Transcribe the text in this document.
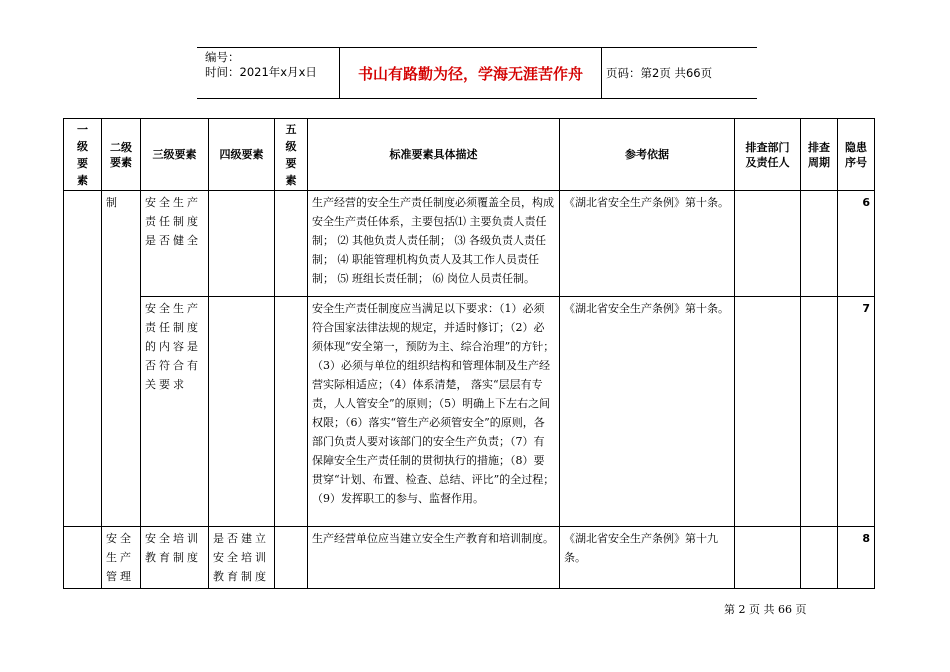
编号：
时间：2021年x月x日	书山有路勤为径，学海无涯苦作舟	页码：第2页 共66页
一级要素	二级要素	三级要素	四级要素	五级要素	标准要素具体描述	参考依据	排查部门及责任人	排查周期	隐患序号
	制	安全生产责任制度是否健全			生产经营的安全生产责任制度必须覆盖全员，构成安全生产责任体系，主要包括⑴ 主要负责人责任制； ⑵ 其他负责人责任制； ⑶ 各级负责人责任制； ⑷ 职能管理机构负责人及其工作人员责任制； ⑸ 班组长责任制； ⑹ 岗位人员责任制。	《湖北省安全生产条例》第十条。			6
		安全生产责任制度的内容是否符合有关要求			安全生产责任制度应当满足以下要求：（1）必须符合国家法律法规的规定，并适时修订；（2）必须体现“安全第一，预防为主、综合治理”的方针；（3）必须与单位的组织结构和管理体制及生产经营实际相适应；（4）体系清楚， 落实“层层有专责，人人管安全”的原则；（5）明确上下左右之间权限；（6）落实“管生产必须管安全”的原则，各部门负责人要对该部门的安全生产负责；（7）有保障安全生产责任制的贯彻执行的措施；（8）要贯穿“计划、布置、检查、总结、评比”的全过程；（9）发挥职工的参与、监督作用。	《湖北省安全生产条例》第十条。			7
	安全生产管理	安全培训教育制度	是否建立安全培训教育制度		生产经营单位应当建立安全生产教育和培训制度。	《湖北省安全生产条例》第十九条。			8
第 2 页 共 66 页
